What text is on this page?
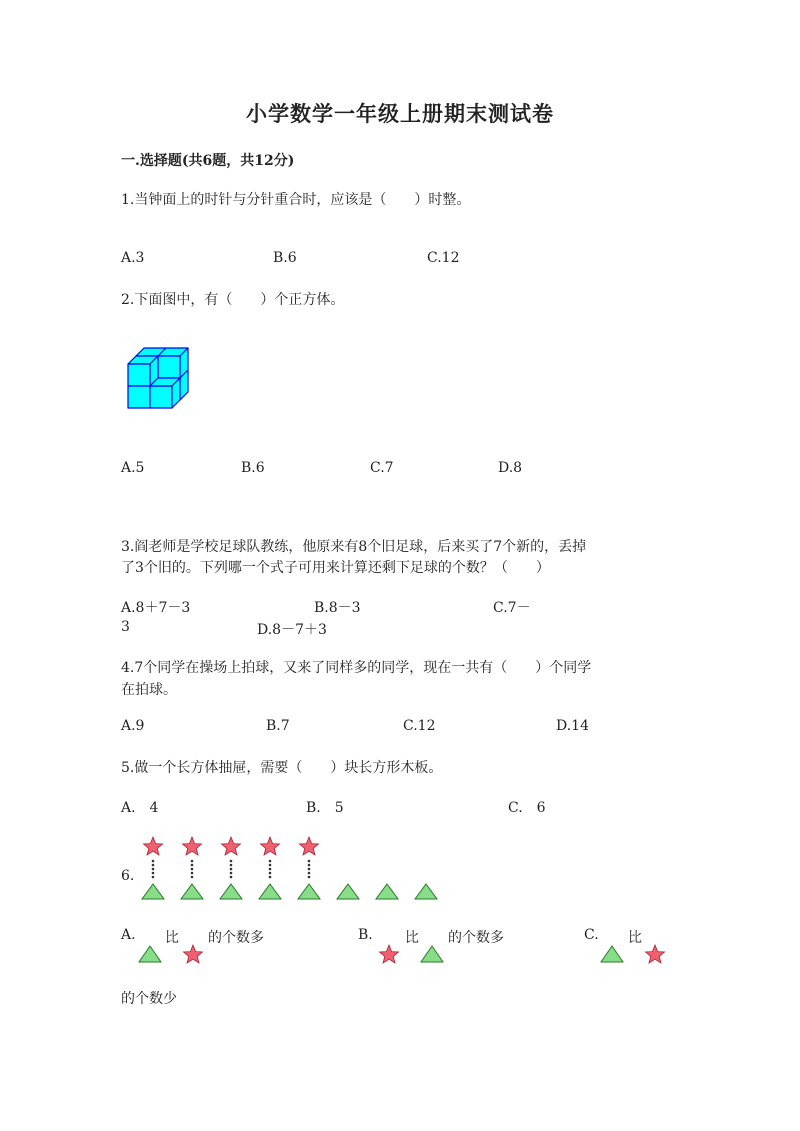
小学数学一年级上册期末测试卷
一.选择题(共6题，共12分)
1.当钟面上的时针与分针重合时，应该是（　　）时整。
A.3	B.6	C.12
2.下面图中，有（　　）个正方体。
A.5	B.6	C.7	D.8
3.阎老师是学校足球队教练，他原来有8个旧足球，后来买了7个新的，丢掉
了3个旧的。下列哪一个式子可用来计算还剩下足球的个数？（　　）
A.8＋7－3	B.8－3	C.7－
3	D.8－7＋3
4.7个同学在操场上拍球，又来了同样多的同学，现在一共有（　　）个同学
在拍球。
A.9	B.7	C.12	D.14
5.做一个长方体抽屉，需要（　　）块长方形木板。
A.　4	B.　5	C.　6
6.
A. 比 的个数多	B. 比 的个数多	C. 比
的个数少
